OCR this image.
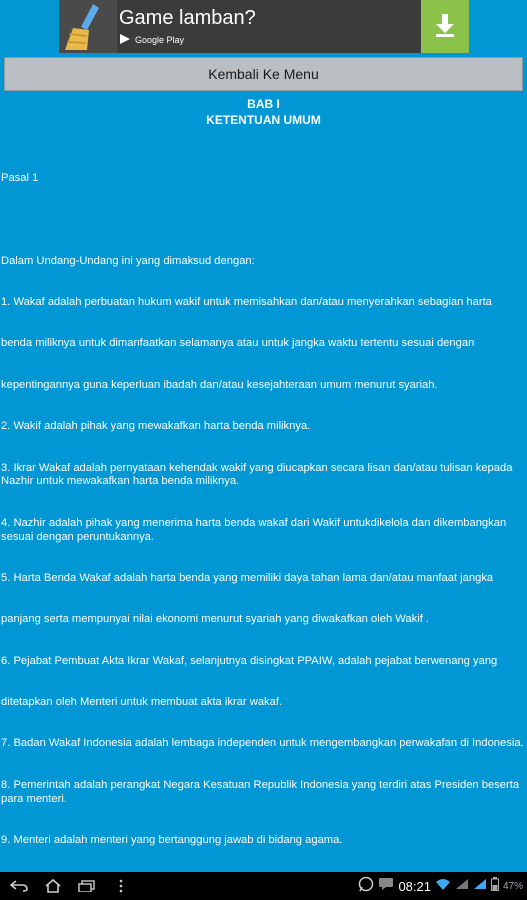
Game lamban?
Google Play
Kembali Ke Menu
BAB I
KETENTUAN UMUM

Pasal 1

Dalam Undang-Undang ini yang dimaksud dengan:

1. Wakaf adalah perbuatan hukum wakif untuk memisahkan dan/atau menyerahkan sebagian harta

benda miliknya untuk dimanfaatkan selamanya atau untuk jangka waktu tertentu sesuai dengan

kepentingannya guna keperluan ibadah dan/atau kesejahteraan umum menurut syariah.

2. Wakif adalah pihak yang mewakafkan harta benda miliknya.

3. Ikrar Wakaf adalah pernyataan kehendak wakif yang diucapkan secara lisan dan/atau tulisan kepada Nazhir untuk mewakafkan harta benda miliknya.

4. Nazhir adalah pihak yang menerima harta benda wakaf dari Wakif untukdikelola dan dikembangkan sesuai dengan peruntukannya.

5. Harta Benda Wakaf adalah harta benda yang memiliki daya tahan lama dan/atau manfaat jangka

panjang serta mempunyai nilai ekonomi menurut syariah yang diwakafkan oleh Wakif .

6. Pejabat Pembuat Akta Ikrar Wakaf, selanjutnya disingkat PPAIW, adalah pejabat berwenang yang

ditetapkan oleh Menteri untuk membuat akta ikrar wakaf.

7. Badan Wakaf Indonesia adalah lembaga independen untuk mengembangkan perwakafan di Indonesia.

8. Pemerintah adalah perangkat Negara Kesatuan Republik Indonesia yang terdiri atas Presiden beserta para menteri.

9. Menteri adalah menteri yang bertanggung jawab di bidang agama.

08:21	47%
